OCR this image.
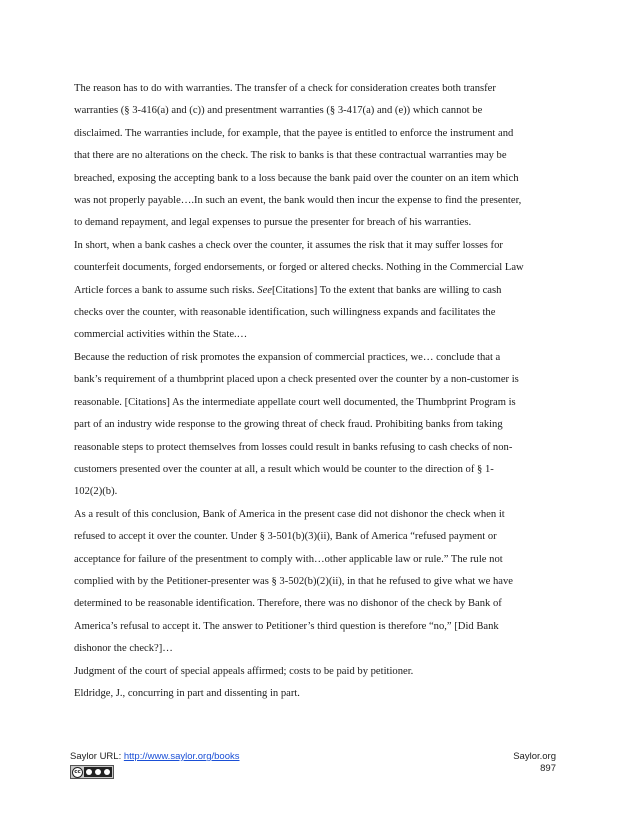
The reason has to do with warranties. The transfer of a check for consideration creates both transfer
warranties (§ 3-416(a) and (c)) and presentment warranties (§ 3-417(a) and (e)) which cannot be
disclaimed. The warranties include, for example, that the payee is entitled to enforce the instrument and
that there are no alterations on the check. The risk to banks is that these contractual warranties may be
breached, exposing the accepting bank to a loss because the bank paid over the counter on an item which
was not properly payable….In such an event, the bank would then incur the expense to find the presenter,
to demand repayment, and legal expenses to pursue the presenter for breach of his warranties.

In short, when a bank cashes a check over the counter, it assumes the risk that it may suffer losses for
counterfeit documents, forged endorsements, or forged or altered checks. Nothing in the Commercial Law
Article forces a bank to assume such risks. See[Citations] To the extent that banks are willing to cash
checks over the counter, with reasonable identification, such willingness expands and facilitates the
commercial activities within the State.…

Because the reduction of risk promotes the expansion of commercial practices, we… conclude that a
bank’s requirement of a thumbprint placed upon a check presented over the counter by a non-customer is
reasonable. [Citations] As the intermediate appellate court well documented, the Thumbprint Program is
part of an industry wide response to the growing threat of check fraud. Prohibiting banks from taking
reasonable steps to protect themselves from losses could result in banks refusing to cash checks of non-
customers presented over the counter at all, a result which would be counter to the direction of § 1-
102(2)(b).

As a result of this conclusion, Bank of America in the present case did not dishonor the check when it
refused to accept it over the counter. Under § 3-501(b)(3)(ii), Bank of America “refused payment or
acceptance for failure of the presentment to comply with…other applicable law or rule.” The rule not
complied with by the Petitioner-presenter was § 3-502(b)(2)(ii), in that he refused to give what we have
determined to be reasonable identification. Therefore, there was no dishonor of the check by Bank of
America’s refusal to accept it. The answer to Petitioner’s third question is therefore “no,” [Did Bank
dishonor the check?]…

Judgment of the court of special appeals affirmed; costs to be paid by petitioner.

Eldridge, J., concurring in part and dissenting in part.

Saylor URL: http://www.saylor.org/books	Saylor.org
897
cc
